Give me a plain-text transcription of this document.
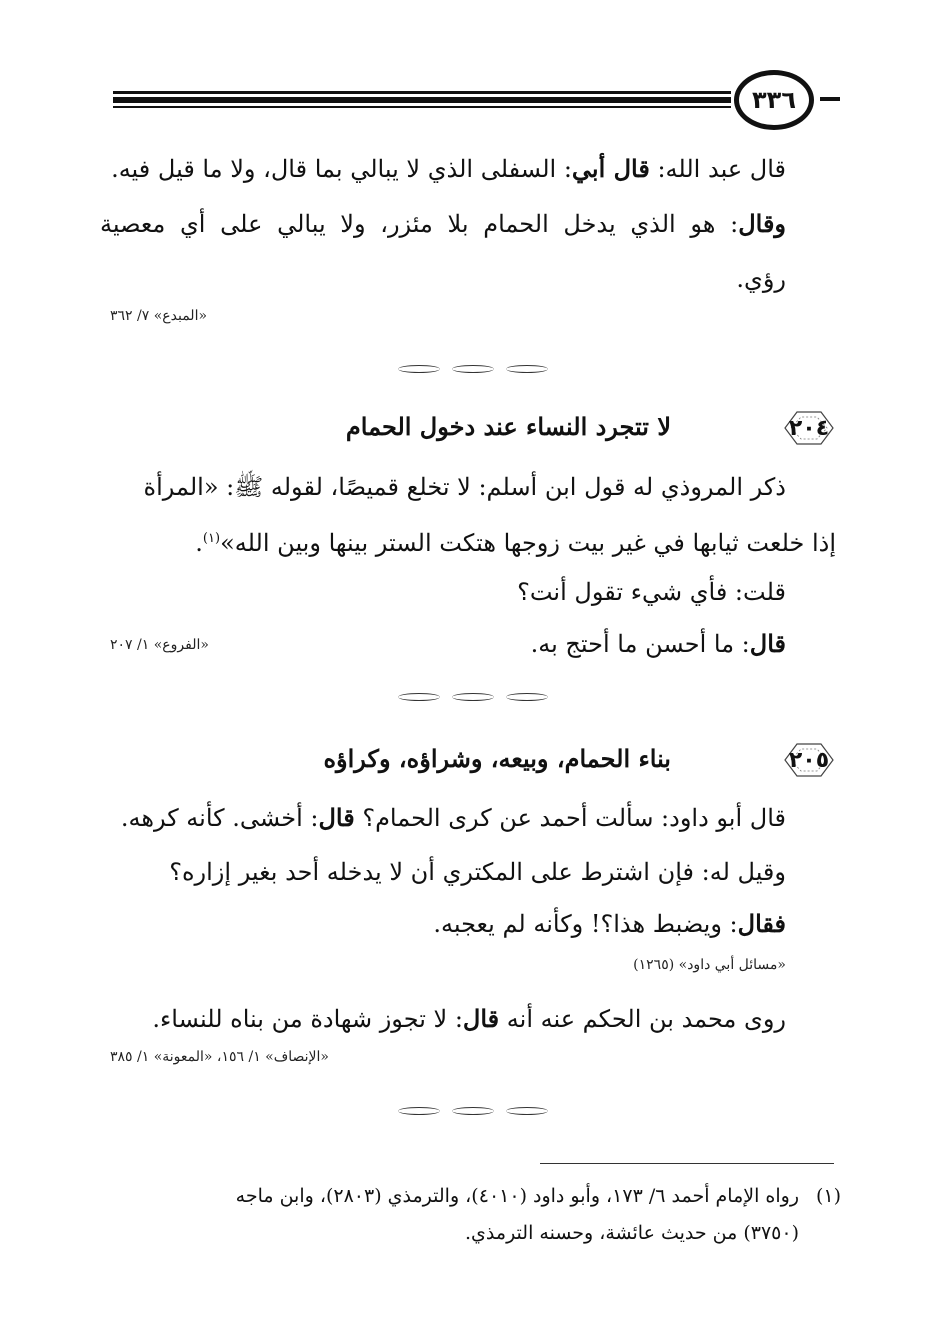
٣٣٦
قال عبد الله: قال أبي: السفلى الذي لا يبالي بما قال، ولا ما قيل فيه.
وقال: هو الذي يدخل الحمام بلا مئزر، ولا يبالي على أي معصية
رؤي.
«المبدع» ٧/ ٣٦٢
٢٠٤
لا تتجرد النساء عند دخول الحمام
ذكر المروذي له قول ابن أسلم: لا تخلع قميصًا، لقوله ﷺ: «المرأة
إذا خلعت ثيابها في غير بيت زوجها هتكت الستر بينها وبين الله»$^{(١)}$.
قلت: فأي شيء تقول أنت؟
قال: ما أحسن ما أحتج به.
«الفروع» ١/ ٢٠٧
٢٠٥
بناء الحمام، وبيعه، وشراؤه، وكراؤه
قال أبو داود: سألت أحمد عن كرى الحمام؟ قال: أخشى. كأنه كرهه.
وقيل له: فإن اشترط على المكتري أن لا يدخله أحد بغير إزاره؟
فقال: ويضبط هذا؟! وكأنه لم يعجبه.
«مسائل أبي داود» (١٢٦٥)
روى محمد بن الحكم عنه أنه قال: لا تجوز شهادة من بناه للنساء.
«الإنصاف» ١/ ١٥٦، «المعونة» ١/ ٣٨٥
(١)رواه الإمام أحمد ٦/ ١٧٣، وأبو داود (٤٠١٠)، والترمذي (٢٨٠٣)، وابن ماجه
(٣٧٥٠) من حديث عائشة، وحسنه الترمذي.
